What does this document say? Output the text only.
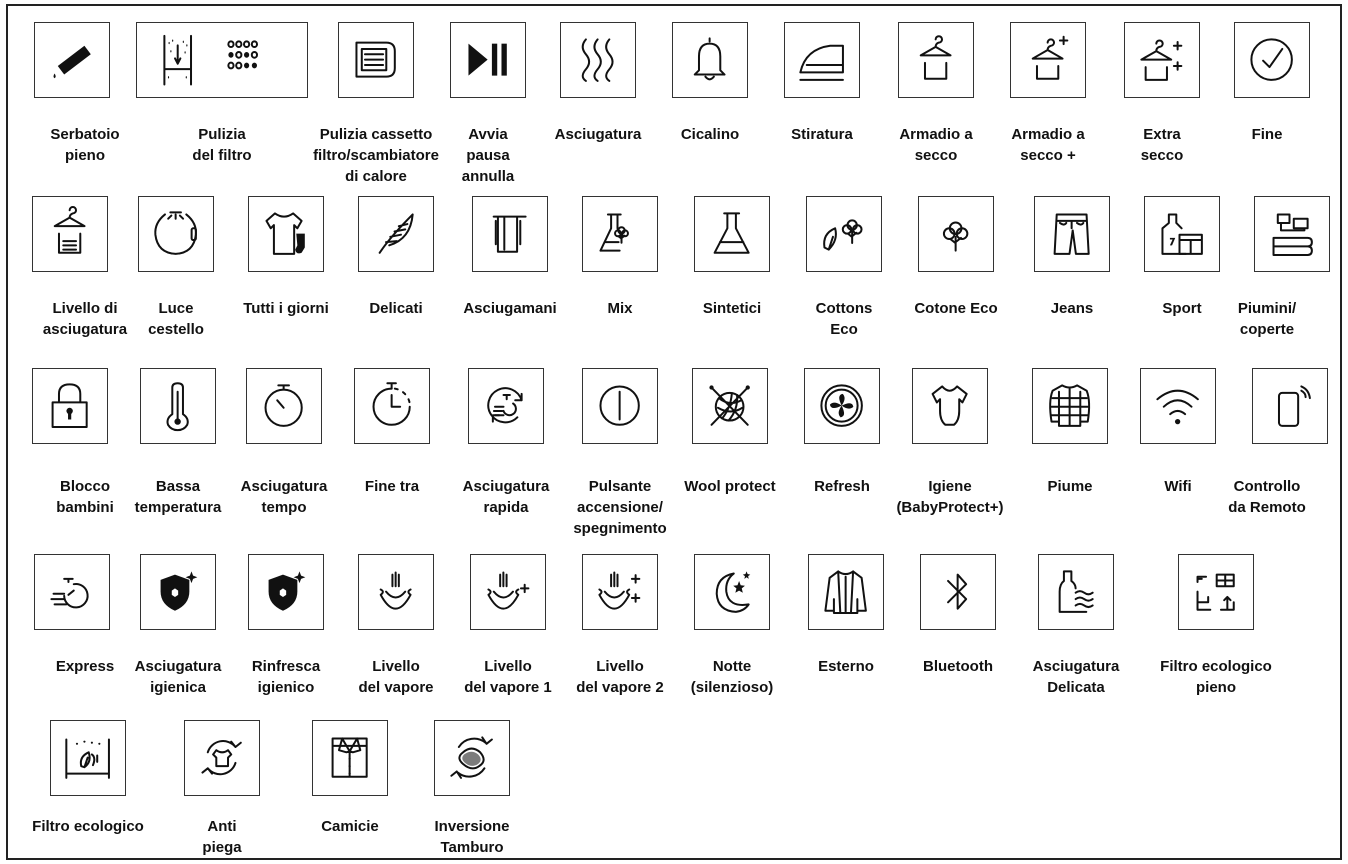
Serbatoio
pieno
Pulizia
del filtro
Pulizia cassetto
filtro/scambiatore
di calore
Avvia
pausa
annulla
Asciugatura	Cicalino	Stiratura	Armadio a
secco
Armadio a
secco +
Extra
secco
Fine
Livello di
asciugatura
Luce
cestello
Tutti i giorni	Delicati	Asciugamani	Mix	Sintetici	Cottons
Eco
Cotone Eco	Jeans	Sport	Piumini/
coperte
Blocco
bambini
Bassa
temperatura
Asciugatura
tempo
Fine tra	Asciugatura
rapida
Pulsante
accensione/
spegnimento
Wool protect	Refresh	Igiene
(BabyProtect+)
Piume	Wifi	Controllo
da Remoto
Express	Asciugatura
igienica
Rinfresca
igienico
Livello
del vapore
Livello
del vapore 1
Livello
del vapore 2
Notte
(silenzioso)
Esterno	Bluetooth	Asciugatura
Delicata
Filtro ecologico
pieno
Filtro ecologico	Anti
piega
Camicie	Inversione
Tamburo
